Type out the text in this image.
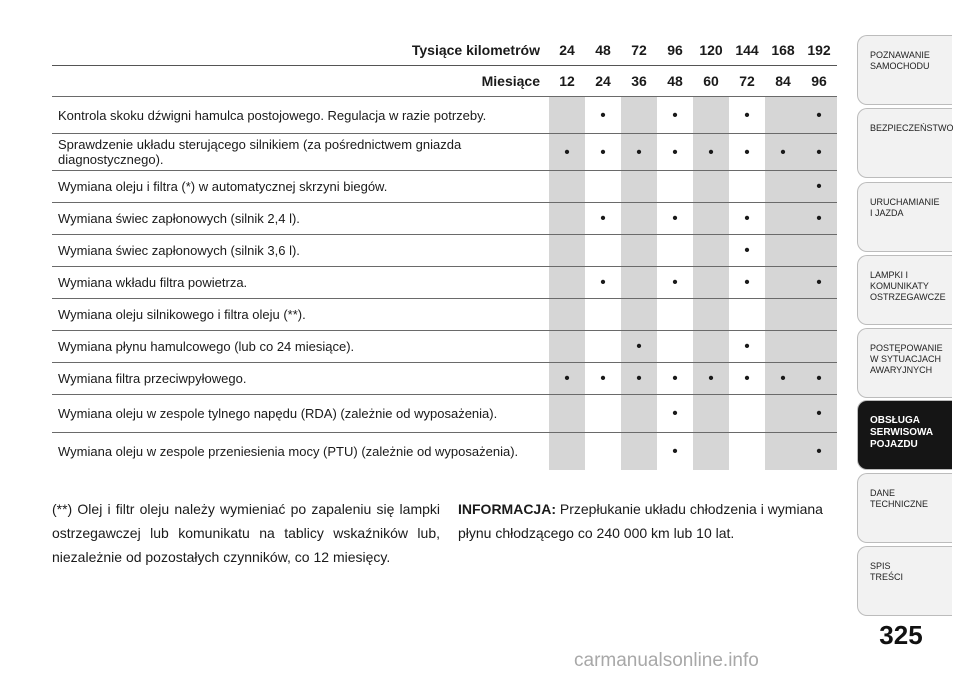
Tysiące kilometrów	24	48	72	96	120	144	168	192
Miesiące	12	24	36	48	60	72	84	96
Kontrola skoku dźwigni hamulca postojowego. Regulacja w razie potrzeby.		•		•		•		•
Sprawdzenie układu sterującego silnikiem (za pośrednictwem gniazda diagnostycznego).	•	•	•	•	•	•	•	•
Wymiana oleju i filtra (*) w automatycznej skrzyni biegów.								•
Wymiana świec zapłonowych (silnik 2,4 l).		•		•		•		•
Wymiana świec zapłonowych (silnik 3,6 l).						•		
Wymiana wkładu filtra powietrza.		•		•		•		•
Wymiana oleju silnikowego i filtra oleju (**).								
Wymiana płynu hamulcowego (lub co 24 miesiące).			•			•		
Wymiana filtra przeciwpyłowego.	•	•	•	•	•	•	•	•
Wymiana oleju w zespole tylnego napędu (RDA) (zależnie od wyposażenia).				•				•
Wymiana oleju w zespole przeniesienia mocy (PTU) (zależnie od wyposażenia).				•				•

(**) Olej i filtr oleju należy wymieniać po zapaleniu się lampki ostrzegawczej lub komunikatu na tablicy wskaźników lub, niezależnie od pozostałych czynników, co 12 miesięcy.

INFORMACJA: Przepłukanie układu chłodzenia i wymiana płynu chłodzącego co 240 000 km lub 10 lat.

POZNAWANIE
SAMOCHODU
BEZPIECZEŃSTWO
URUCHAMIANIE
I JAZDA
LAMPKI I
KOMUNIKATY
OSTRZEGAWCZE
POSTĘPOWANIE
W SYTUACJACH
AWARYJNYCH
OBSŁUGA
SERWISOWA
POJAZDU
DANE
TECHNICZNE
SPIS
TREŚCI
325
carmanualsonline.info
